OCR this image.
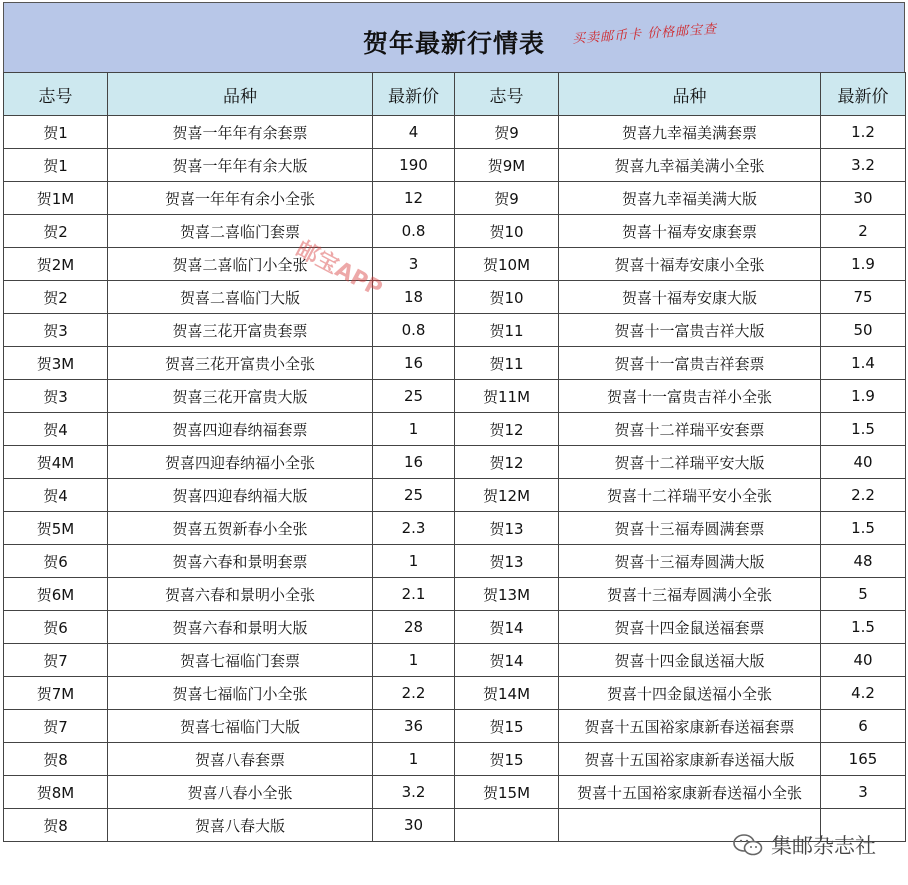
贺年最新行情表	买卖邮币卡 价格邮宝查
志号	品种	最新价	志号	品种	最新价
贺1	贺喜一年年有余套票	4	贺9	贺喜九幸福美满套票	1.2
贺1	贺喜一年年有余大版	190	贺9M	贺喜九幸福美满小全张	3.2
贺1M	贺喜一年年有余小全张	12	贺9	贺喜九幸福美满大版	30
贺2	贺喜二喜临门套票	0.8	贺10	贺喜十福寿安康套票	2
贺2M	贺喜二喜临门小全张	3	贺10M	贺喜十福寿安康小全张	1.9
贺2	贺喜二喜临门大版	18	贺10	贺喜十福寿安康大版	75
贺3	贺喜三花开富贵套票	0.8	贺11	贺喜十一富贵吉祥大版	50
贺3M	贺喜三花开富贵小全张	16	贺11	贺喜十一富贵吉祥套票	1.4
贺3	贺喜三花开富贵大版	25	贺11M	贺喜十一富贵吉祥小全张	1.9
贺4	贺喜四迎春纳福套票	1	贺12	贺喜十二祥瑞平安套票	1.5
贺4M	贺喜四迎春纳福小全张	16	贺12	贺喜十二祥瑞平安大版	40
贺4	贺喜四迎春纳福大版	25	贺12M	贺喜十二祥瑞平安小全张	2.2
贺5M	贺喜五贺新春小全张	2.3	贺13	贺喜十三福寿圆满套票	1.5
贺6	贺喜六春和景明套票	1	贺13	贺喜十三福寿圆满大版	48
贺6M	贺喜六春和景明小全张	2.1	贺13M	贺喜十三福寿圆满小全张	5
贺6	贺喜六春和景明大版	28	贺14	贺喜十四金鼠送福套票	1.5
贺7	贺喜七福临门套票	1	贺14	贺喜十四金鼠送福大版	40
贺7M	贺喜七福临门小全张	2.2	贺14M	贺喜十四金鼠送福小全张	4.2
贺7	贺喜七福临门大版	36	贺15	贺喜十五国裕家康新春送福套票	6
贺8	贺喜八春套票	1	贺15	贺喜十五国裕家康新春送福大版	165
贺8M	贺喜八春小全张	3.2	贺15M	贺喜十五国裕家康新春送福小全张	3
贺8	贺喜八春大版	30			
邮宝APP
集邮杂志社
